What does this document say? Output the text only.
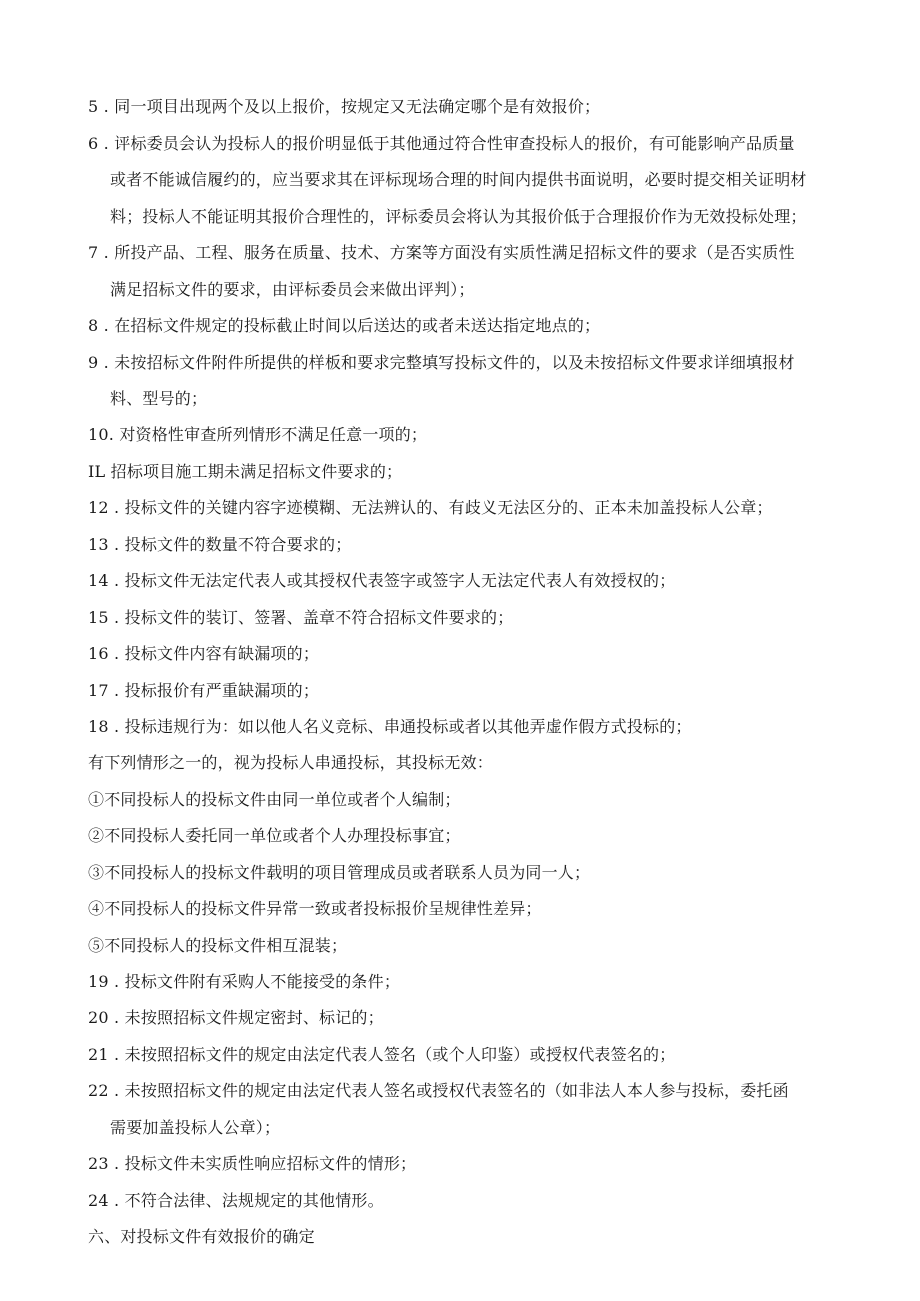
5 . 同一项目出现两个及以上报价，按规定又无法确定哪个是有效报价；
6 . 评标委员会认为投标人的报价明显低于其他通过符合性审查投标人的报价，有可能影响产品质量
或者不能诚信履约的，应当要求其在评标现场合理的时间内提供书面说明，必要时提交相关证明材
料；投标人不能证明其报价合理性的，评标委员会将认为其报价低于合理报价作为无效投标处理；
7 . 所投产品、工程、服务在质量、技术、方案等方面没有实质性满足招标文件的要求（是否实质性
满足招标文件的要求，由评标委员会来做出评判）；
8 . 在招标文件规定的投标截止时间以后送达的或者未送达指定地点的；
9 . 未按招标文件附件所提供的样板和要求完整填写投标文件的，以及未按招标文件要求详细填报材
料、型号的；
10. 对资格性审查所列情形不满足任意一项的；
IL 招标项目施工期未满足招标文件要求的；
12 . 投标文件的关键内容字迹模糊、无法辨认的、有歧义无法区分的、正本未加盖投标人公章；
13 . 投标文件的数量不符合要求的；
14 . 投标文件无法定代表人或其授权代表签字或签字人无法定代表人有效授权的；
15 . 投标文件的装订、签署、盖章不符合招标文件要求的；
16 . 投标文件内容有缺漏项的；
17 . 投标报价有严重缺漏项的；
18 . 投标违规行为：如以他人名义竞标、串通投标或者以其他弄虚作假方式投标的；
有下列情形之一的，视为投标人串通投标，其投标无效：
①不同投标人的投标文件由同一单位或者个人编制；
②不同投标人委托同一单位或者个人办理投标事宜；
③不同投标人的投标文件载明的项目管理成员或者联系人员为同一人；
④不同投标人的投标文件异常一致或者投标报价呈规律性差异；
⑤不同投标人的投标文件相互混装；
19 . 投标文件附有采购人不能接受的条件；
20 . 未按照招标文件规定密封、标记的；
21 . 未按照招标文件的规定由法定代表人签名（或个人印鉴）或授权代表签名的；
22 . 未按照招标文件的规定由法定代表人签名或授权代表签名的（如非法人本人参与投标，委托函
需要加盖投标人公章）；
23 . 投标文件未实质性响应招标文件的情形；
24 . 不符合法律、法规规定的其他情形。
六、对投标文件有效报价的确定
